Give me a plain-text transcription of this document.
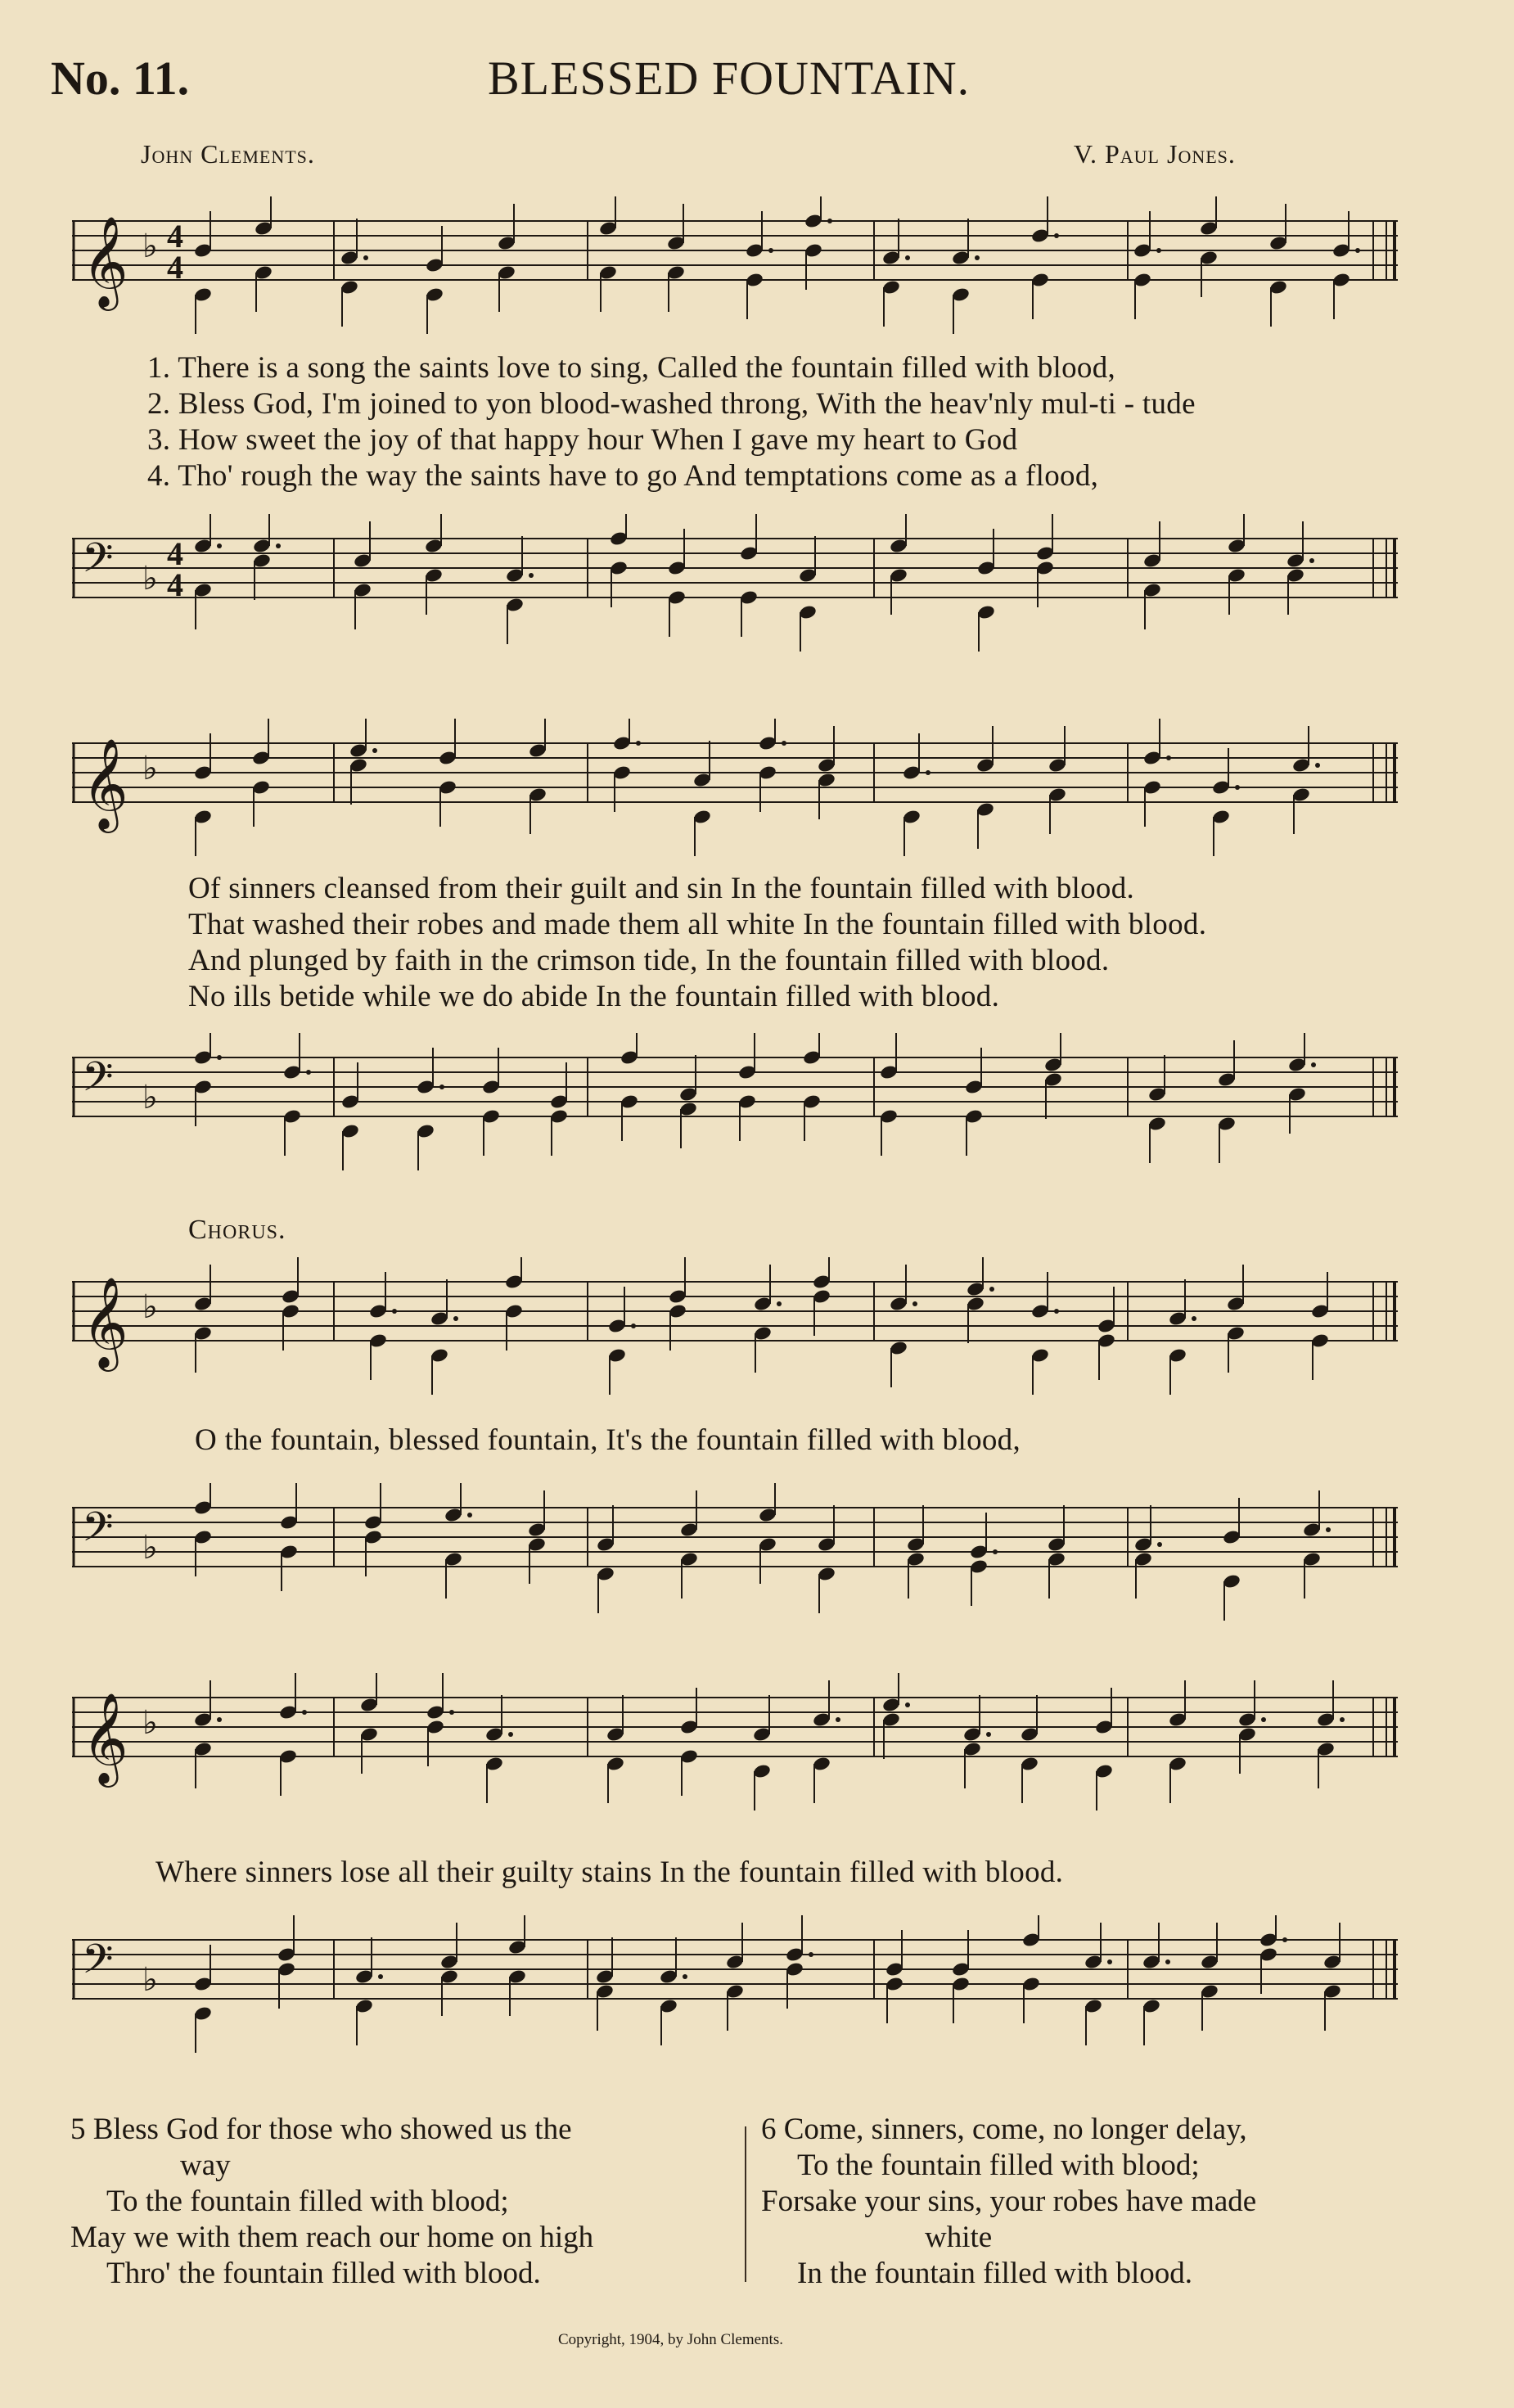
No. 11.	BLESSED FOUNTAIN.
John Clements.	V. Paul Jones.
𝄞 ♭ 4
4
𝄢 ♭
4
4
𝄞 ♭
𝄢 ♭
𝄞 ♭
𝄢 ♭
𝄞 ♭
𝄢 ♭
1. There is a song the saints love to sing, Called the fountain filled with blood,
2. Bless God, I'm joined to yon blood-washed throng, With the heav'nly mul-ti - tude
3. How sweet the joy of that happy hour When I gave my heart to God
4. Tho' rough the way the saints have to go And temptations come as a flood,
Of sinners cleansed from their guilt and sin In the fountain filled with blood.
That washed their robes and made them all white In the fountain filled with blood.
And plunged by faith in the crimson tide, In the fountain filled with blood.
No ills betide while we do abide In the fountain filled with blood.
Chorus.
O the fountain, blessed fountain, It's the fountain filled with blood,
Where sinners lose all their guilty stains In the fountain filled with blood.
5 Bless God for those who showed us the
way
To the fountain filled with blood;
May we with them reach our home on high
Thro' the fountain filled with blood.
6 Come, sinners, come, no longer delay,
To the fountain filled with blood;
Forsake your sins, your robes have made
white
In the fountain filled with blood.
Copyright, 1904, by John Clements.
